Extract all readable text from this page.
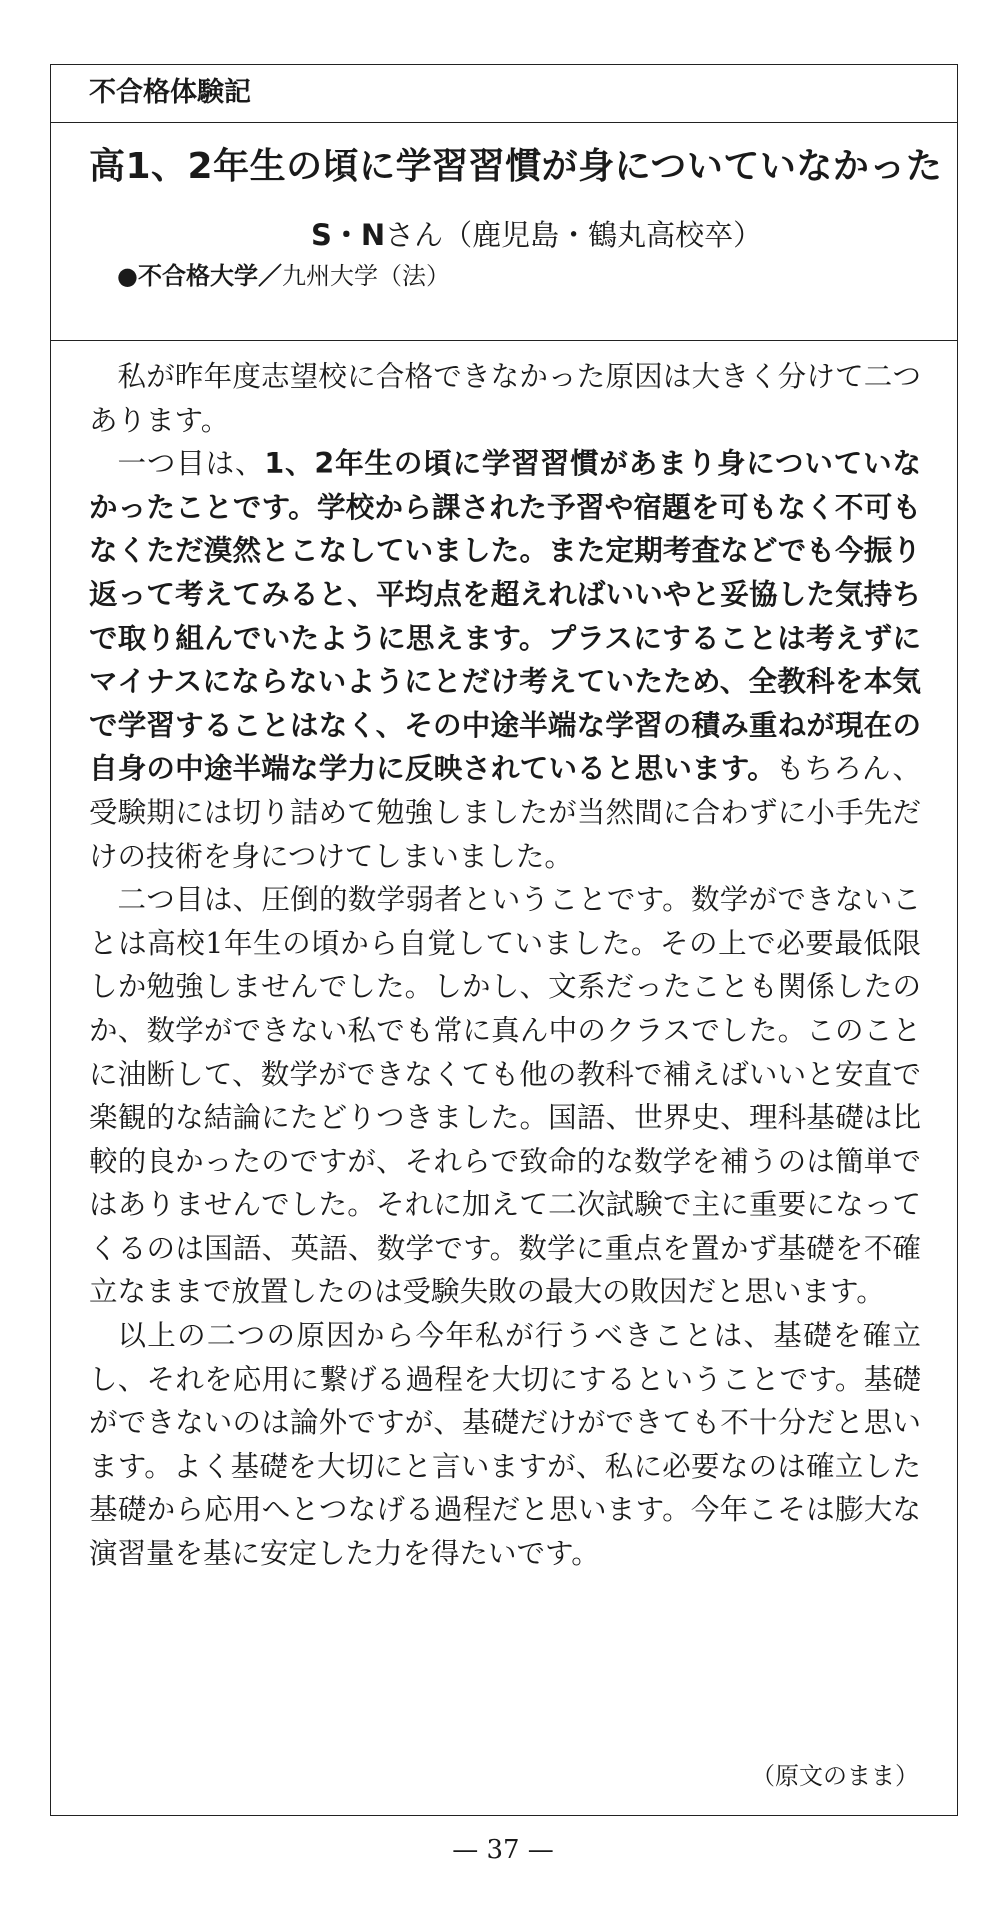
不合格体験記
高1、2年生の頃に学習習慣が身についていなかった
S・Nさん（鹿児島・鶴丸高校卒）
●不合格大学／九州大学（法）

私が昨年度志望校に合格できなかった原因は大きく分けて二つあります。

一つ目は、1、2年生の頃に学習習慣があまり身についていなかったことです。学校から課された予習や宿題を可もなく不可もなくただ漠然とこなしていました。また定期考査などでも今振り返って考えてみると、平均点を超えればいいやと妥協した気持ちで取り組んでいたように思えます。プラスにすることは考えずにマイナスにならないようにとだけ考えていたため、全教科を本気で学習することはなく、その中途半端な学習の積み重ねが現在の自身の中途半端な学力に反映されていると思います。もちろん、受験期には切り詰めて勉強しましたが当然間に合わずに小手先だけの技術を身につけてしまいました。

二つ目は、圧倒的数学弱者ということです。数学ができないことは高校1年生の頃から自覚していました。その上で必要最低限しか勉強しませんでした。しかし、文系だったことも関係したのか、数学ができない私でも常に真ん中のクラスでした。このことに油断して、数学ができなくても他の教科で補えばいいと安直で楽観的な結論にたどりつきました。国語、世界史、理科基礎は比較的良かったのですが、それらで致命的な数学を補うのは簡単ではありませんでした。それに加えて二次試験で主に重要になってくるのは国語、英語、数学です。数学に重点を置かず基礎を不確立なままで放置したのは受験失敗の最大の敗因だと思います。

以上の二つの原因から今年私が行うべきことは、基礎を確立し、それを応用に繋げる過程を大切にするということです。基礎ができないのは論外ですが、基礎だけができても不十分だと思います。よく基礎を大切にと言いますが、私に必要なのは確立した基礎から応用へとつなげる過程だと思います。今年こそは膨大な演習量を基に安定した力を得たいです。

（原文のまま）
— 37 —
